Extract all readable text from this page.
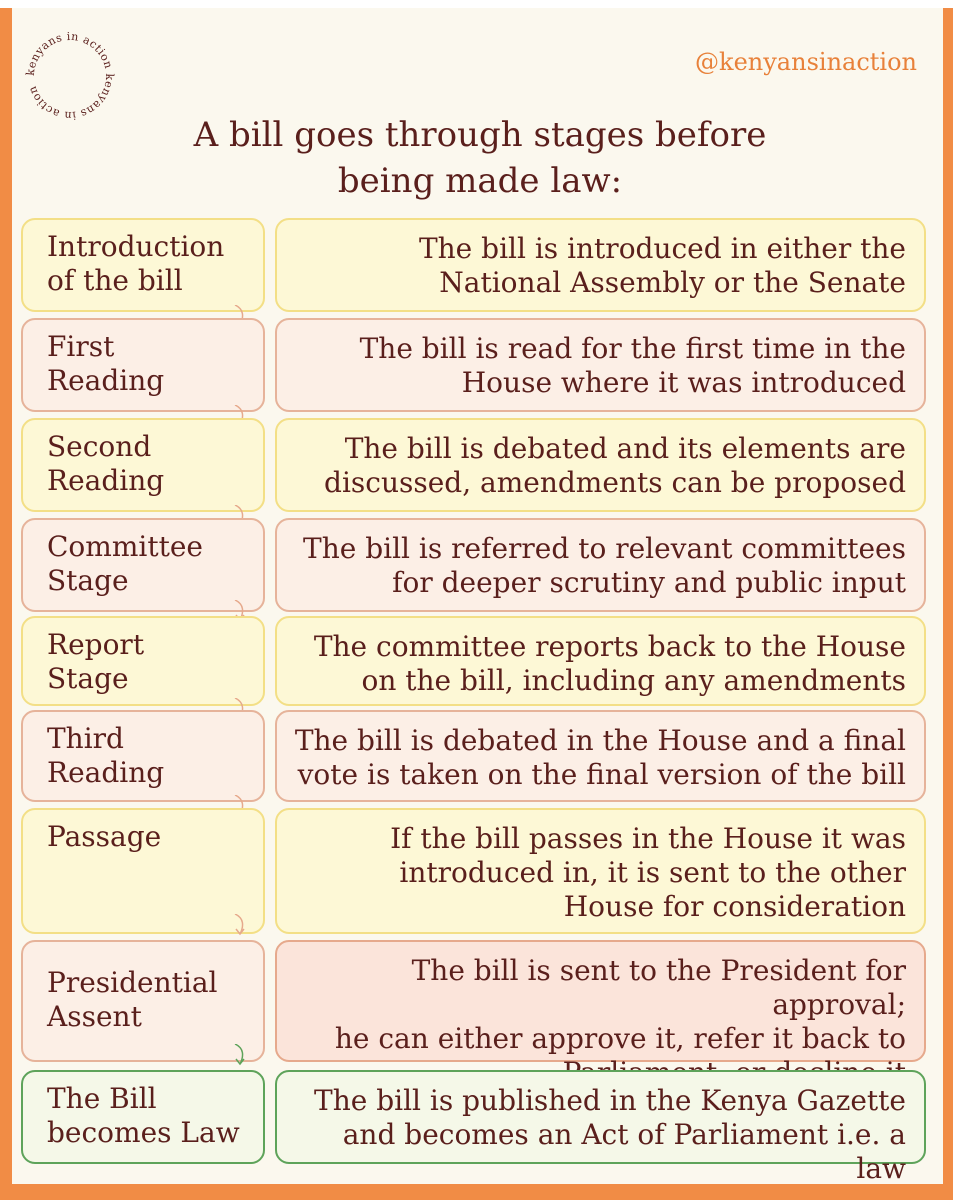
kenyans in action kenyans in action
@kenyansinaction
A bill goes through stages before
being made law:
Introduction
of the bill
The bill is introduced in either the
National Assembly or the Senate
First
Reading
The bill is read for the first time in the
House where it was introduced
Second
Reading
The bill is debated and its elements are
discussed, amendments can be proposed
Committee
Stage
The bill is referred to relevant committees
for deeper scrutiny and public input
Report
Stage
The committee reports back to the House
on the bill, including any amendments
Third
Reading
The bill is debated in the House and a final
vote is taken on the final version of the bill
Passage	If the bill passes in the House it was
introduced in, it is sent to the other
House for consideration
Presidential
Assent
The bill is sent to the President for approval;
he can either approve it, refer it back to
The Bill
becomes Law
The bill is published in the Kenya Gazette
and becomes an Act of Parliament i.e. a law
